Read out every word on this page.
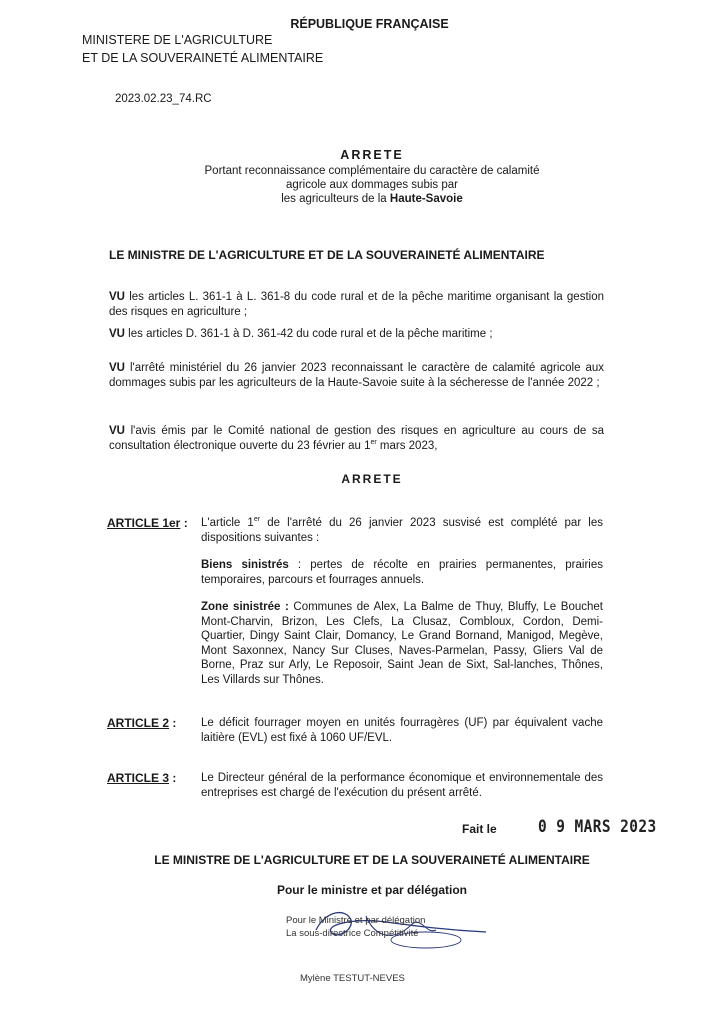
RÉPUBLIQUE FRANÇAISE
MINISTERE DE L'AGRICULTURE
ET DE LA SOUVERAINETÉ ALIMENTAIRE
2023.02.23_74.RC
ARRETE
Portant reconnaissance complémentaire du caractère de calamité
agricole aux dommages subis par
les agriculteurs de la Haute-Savoie
LE MINISTRE DE L'AGRICULTURE ET DE LA SOUVERAINETÉ ALIMENTAIRE
VU les articles L. 361-1 à L. 361-8 du code rural et de la pêche maritime organisant la gestion des risques en agriculture ;
VU les articles D. 361-1 à D. 361-42 du code rural et de la pêche maritime ;
VU l'arrêté ministériel du 26 janvier 2023 reconnaissant le caractère de calamité agricole aux dommages subis par les agriculteurs de la Haute-Savoie suite à la sécheresse de l'année 2022 ;
VU l'avis émis par le Comité national de gestion des risques en agriculture au cours de sa consultation électronique ouverte du 23 février au 1er mars 2023,
ARRETE
ARTICLE 1er : L'article 1er de l'arrêté du 26 janvier 2023 susvisé est complété par les dispositions suivantes :
Biens sinistrés : pertes de récolte en prairies permanentes, prairies temporaires, parcours et fourrages annuels.
Zone sinistrée : Communes de Alex, La Balme de Thuy, Bluffy, Le Bouchet Mont-Charvin, Brizon, Les Clefs, La Clusaz, Combloux, Cordon, Demi-Quartier, Dingy Saint Clair, Domancy, Le Grand Bornand, Manigod, Megève, Mont Saxonnex, Nancy Sur Cluses, Naves-Parmelan, Passy, Gliers Val de Borne, Praz sur Arly, Le Reposoir, Saint Jean de Sixt, Sal-lanches, Thônes, Les Villards sur Thônes.
ARTICLE 2 : Le déficit fourrager moyen en unités fourragères (UF) par équivalent vache laitière (EVL) est fixé à 1060 UF/EVL.
ARTICLE 3 : Le Directeur général de la performance économique et environnementale des entreprises est chargé de l'exécution du présent arrêté.
Fait le 0 9 MARS 2023
LE MINISTRE DE L'AGRICULTURE ET DE LA SOUVERAINETÉ ALIMENTAIRE
Pour le ministre et par délégation
Pour le Ministre et par délégation
La sous-directrice Compétitivité
Mylène TESTUT-NEVES
